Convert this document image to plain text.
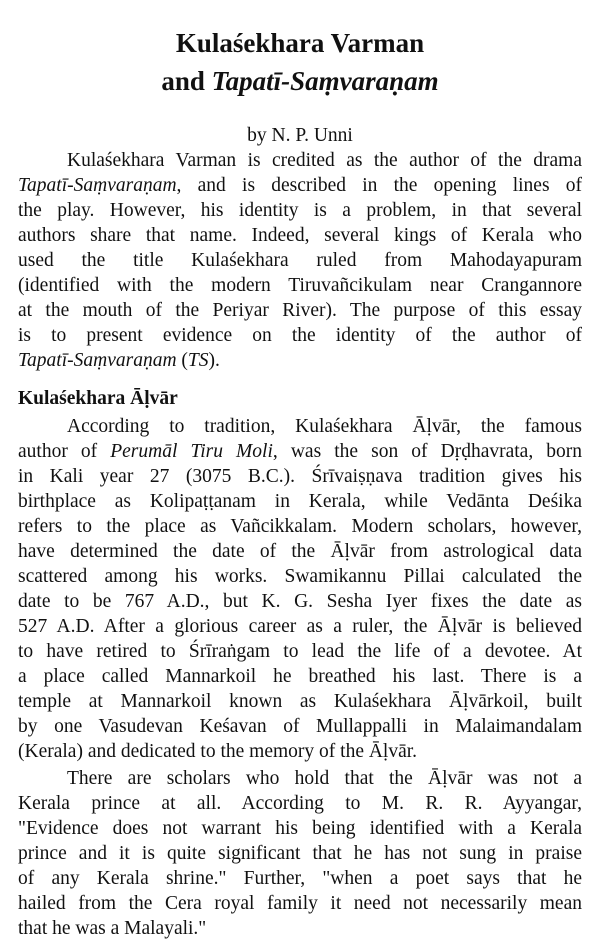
Kulaśekhara Varman
and Tapatī-Saṃvaraṇam
by N. P. Unni
Kulaśekhara Varman is credited as the author of the drama
Tapatī-Saṃvaraṇam, and is described in the opening lines of
the play. However, his identity is a problem, in that several
authors share that name. Indeed, several kings of Kerala who
used the title Kulaśekhara ruled from Mahodayapuram
(identified with the modern Tiruvañcikulam near Crangannore
at the mouth of the Periyar River). The purpose of this essay
is to present evidence on the identity of the author of
Tapatī-Saṃvaraṇam (TS).
Kulaśekhara Āḷvār
According to tradition, Kulaśekhara Āḷvār, the famous
author of Perumāl Tiru Moli, was the son of Dṛḍhavrata, born
in Kali year 27 (3075 B.C.). Śrīvaiṣṇava tradition gives his
birthplace as Kolipaṭṭanam in Kerala, while Vedānta Deśika
refers to the place as Vañcikkalam. Modern scholars, however,
have determined the date of the Āḷvār from astrological data
scattered among his works. Swamikannu Pillai calculated the
date to be 767 A.D., but K. G. Sesha Iyer fixes the date as
527 A.D. After a glorious career as a ruler, the Āḷvār is believed
to have retired to Śrīraṅgam to lead the life of a devotee. At
a place called Mannarkoil he breathed his last. There is a
temple at Mannarkoil known as Kulaśekhara Āḷvārkoil, built
by one Vasudevan Keśavan of Mullappalli in Malaimandalam
(Kerala) and dedicated to the memory of the Āḷvār.
There are scholars who hold that the Āḷvār was not a
Kerala prince at all. According to M. R. R. Ayyangar,
"Evidence does not warrant his being identified with a Kerala
prince and it is quite significant that he has not sung in praise
of any Kerala shrine." Further, "when a poet says that he
hailed from the Cera royal family it need not necessarily mean
that he was a Malayali."
